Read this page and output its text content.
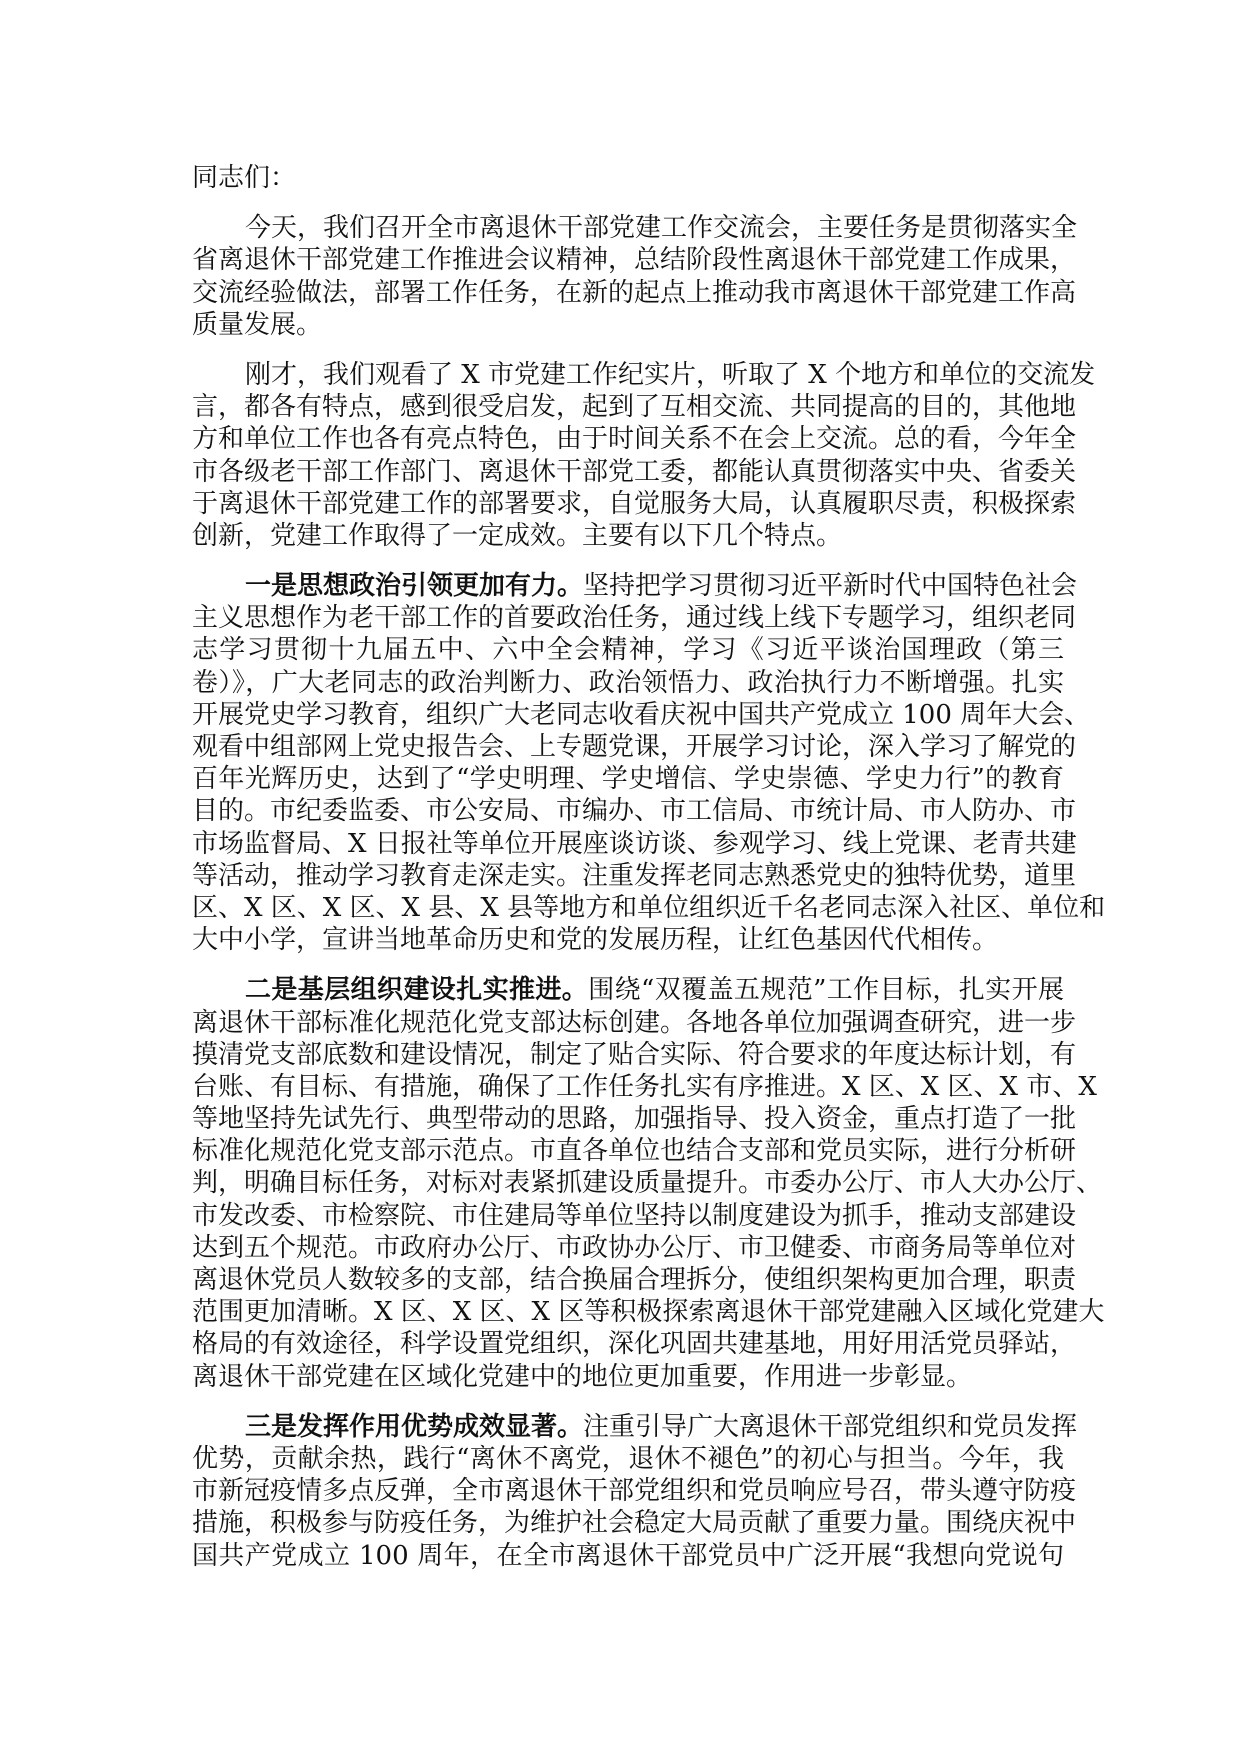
同志们：
今天，我们召开全市离退休干部党建工作交流会，主要任务是贯彻落实全
省离退休干部党建工作推进会议精神，总结阶段性离退休干部党建工作成果，
交流经验做法，部署工作任务，在新的起点上推动我市离退休干部党建工作高
质量发展。
刚才，我们观看了 X 市党建工作纪实片，听取了 X 个地方和单位的交流发
言，都各有特点，感到很受启发，起到了互相交流、共同提高的目的，其他地
方和单位工作也各有亮点特色，由于时间关系不在会上交流。总的看，今年全
市各级老干部工作部门、离退休干部党工委，都能认真贯彻落实中央、省委关
于离退休干部党建工作的部署要求，自觉服务大局，认真履职尽责，积极探索
创新，党建工作取得了一定成效。主要有以下几个特点。
一是思想政治引领更加有力。坚持把学习贯彻习近平新时代中国特色社会
主义思想作为老干部工作的首要政治任务，通过线上线下专题学习，组织老同
志学习贯彻十九届五中、六中全会精神，学习《习近平谈治国理政（第三
卷）》，广大老同志的政治判断力、政治领悟力、政治执行力不断增强。扎实
开展党史学习教育，组织广大老同志收看庆祝中国共产党成立 100 周年大会、
观看中组部网上党史报告会、上专题党课，开展学习讨论，深入学习了解党的
百年光辉历史，达到了“学史明理、学史增信、学史崇德、学史力行”的教育
目的。市纪委监委、市公安局、市编办、市工信局、市统计局、市人防办、市
市场监督局、X 日报社等单位开展座谈访谈、参观学习、线上党课、老青共建
等活动，推动学习教育走深走实。注重发挥老同志熟悉党史的独特优势，道里
区、X 区、X 区、X 县、X 县等地方和单位组织近千名老同志深入社区、单位和
大中小学，宣讲当地革命历史和党的发展历程，让红色基因代代相传。
二是基层组织建设扎实推进。围绕“双覆盖五规范”工作目标，扎实开展
离退休干部标准化规范化党支部达标创建。各地各单位加强调查研究，进一步
摸清党支部底数和建设情况，制定了贴合实际、符合要求的年度达标计划，有
台账、有目标、有措施，确保了工作任务扎实有序推进。X 区、X 区、X 市、X
等地坚持先试先行、典型带动的思路，加强指导、投入资金，重点打造了一批
标准化规范化党支部示范点。市直各单位也结合支部和党员实际，进行分析研
判，明确目标任务，对标对表紧抓建设质量提升。市委办公厅、市人大办公厅、
市发改委、市检察院、市住建局等单位坚持以制度建设为抓手，推动支部建设
达到五个规范。市政府办公厅、市政协办公厅、市卫健委、市商务局等单位对
离退休党员人数较多的支部，结合换届合理拆分，使组织架构更加合理，职责
范围更加清晰。X 区、X 区、X 区等积极探索离退休干部党建融入区域化党建大
格局的有效途径，科学设置党组织，深化巩固共建基地，用好用活党员驿站，
离退休干部党建在区域化党建中的地位更加重要，作用进一步彰显。
三是发挥作用优势成效显著。注重引导广大离退休干部党组织和党员发挥
优势，贡献余热，践行“离休不离党，退休不褪色”的初心与担当。今年，我
市新冠疫情多点反弹，全市离退休干部党组织和党员响应号召，带头遵守防疫
措施，积极参与防疫任务，为维护社会稳定大局贡献了重要力量。围绕庆祝中
国共产党成立 100 周年，在全市离退休干部党员中广泛开展“我想向党说句
